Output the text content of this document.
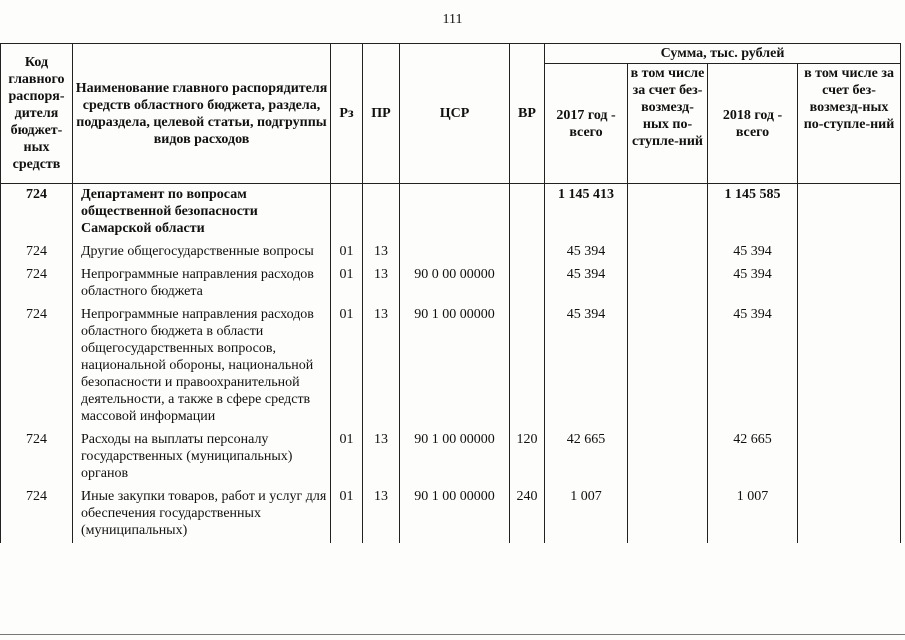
111
Код главного распоря-дителя бюджет-ных средств	Наименование главного распорядителя средств областного бюджета, раздела, подраздела, целевой статьи, подгруппы видов расходов	Рз	ПР	ЦСР	ВР	Сумма, тыс. рублей			
						2017 год - всего	в том числе за счет без-возмезд-ных по-ступле-ний	2018 год - всего	в том числе за счет без-возмезд-ных по-ступле-ний
724	Департамент по вопросам общественной безопасности Самарской области					1 145 413		1 145 585	
724	Другие общегосударственные вопросы	01	13			45 394		45 394	
724	Непрограммные направления расходов областного бюджета	01	13	90 0 00 00000		45 394		45 394	
724	Непрограммные направления расходов областного бюджета в области общегосударственных вопросов, национальной обороны, национальной безопасности и правоохранительной деятельности, а также в сфере средств массовой информации	01	13	90 1 00 00000		45 394		45 394	
724	Расходы на выплаты персоналу государственных (муниципальных) органов	01	13	90 1 00 00000	120	42 665		42 665	
724	Иные закупки товаров, работ и услуг для обеспечения государственных (муниципальных)	01	13	90 1 00 00000	240	1 007		1 007	
